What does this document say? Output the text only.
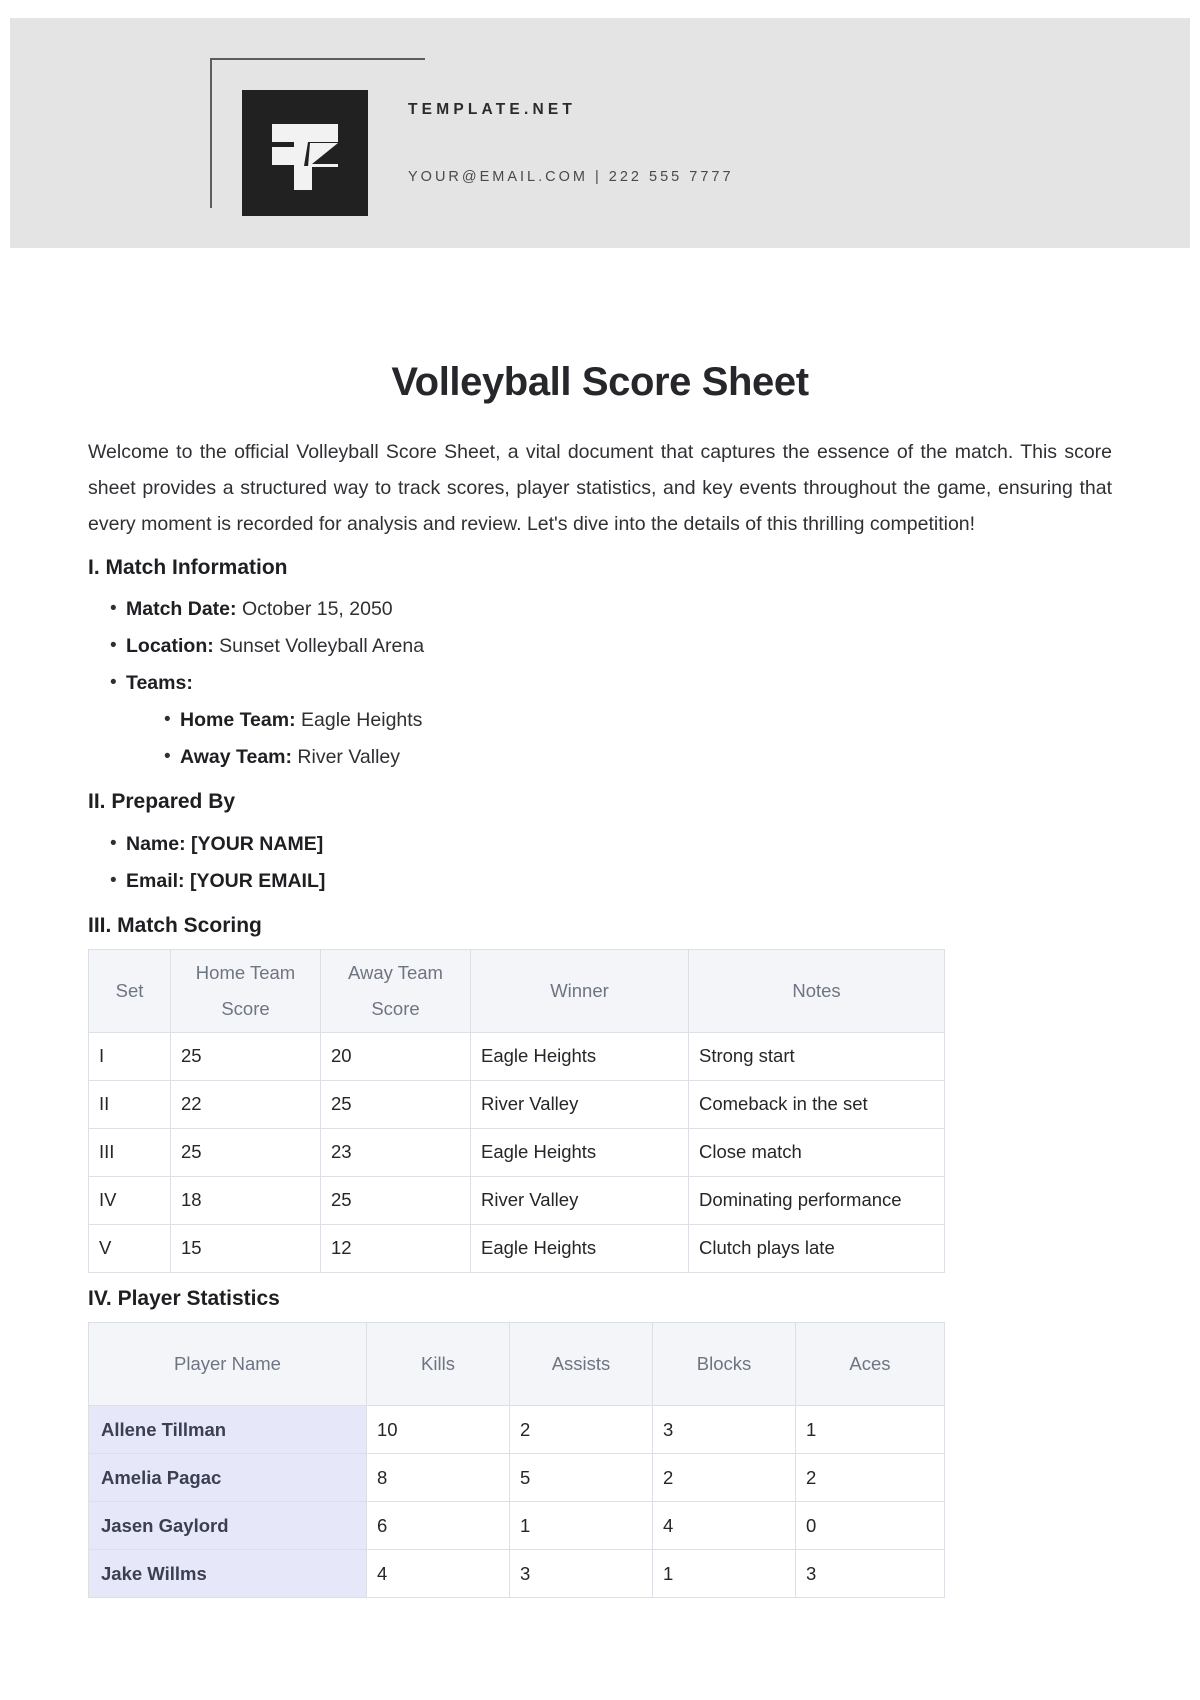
TEMPLATE.NET
YOUR@EMAIL.COM | 222 555 7777
Volleyball Score Sheet

Welcome to the official Volleyball Score Sheet, a vital document that captures the essence of the match. This score sheet provides a structured way to track scores, player statistics, and key events throughout the game, ensuring that every moment is recorded for analysis and review. Let's dive into the details of this thrilling competition!

I. Match Information
• Match Date: October 15, 2050
• Location: Sunset Volleyball Arena
• Teams:
• Home Team: Eagle Heights
• Away Team: River Valley
II. Prepared By
• Name: [YOUR NAME]
• Email: [YOUR EMAIL]
III. Match Scoring
Set	Home Team Score	Away Team Score	Winner	Notes
I	25	20	Eagle Heights	Strong start
II	22	25	River Valley	Comeback in the set
III	25	23	Eagle Heights	Close match
IV	18	25	River Valley	Dominating performance
V	15	12	Eagle Heights	Clutch plays late
IV. Player Statistics
Player Name	Kills	Assists	Blocks	Aces
Allene Tillman	10	2	3	1
Amelia Pagac	8	5	2	2
Jasen Gaylord	6	1	4	0
Jake Willms	4	3	1	3
